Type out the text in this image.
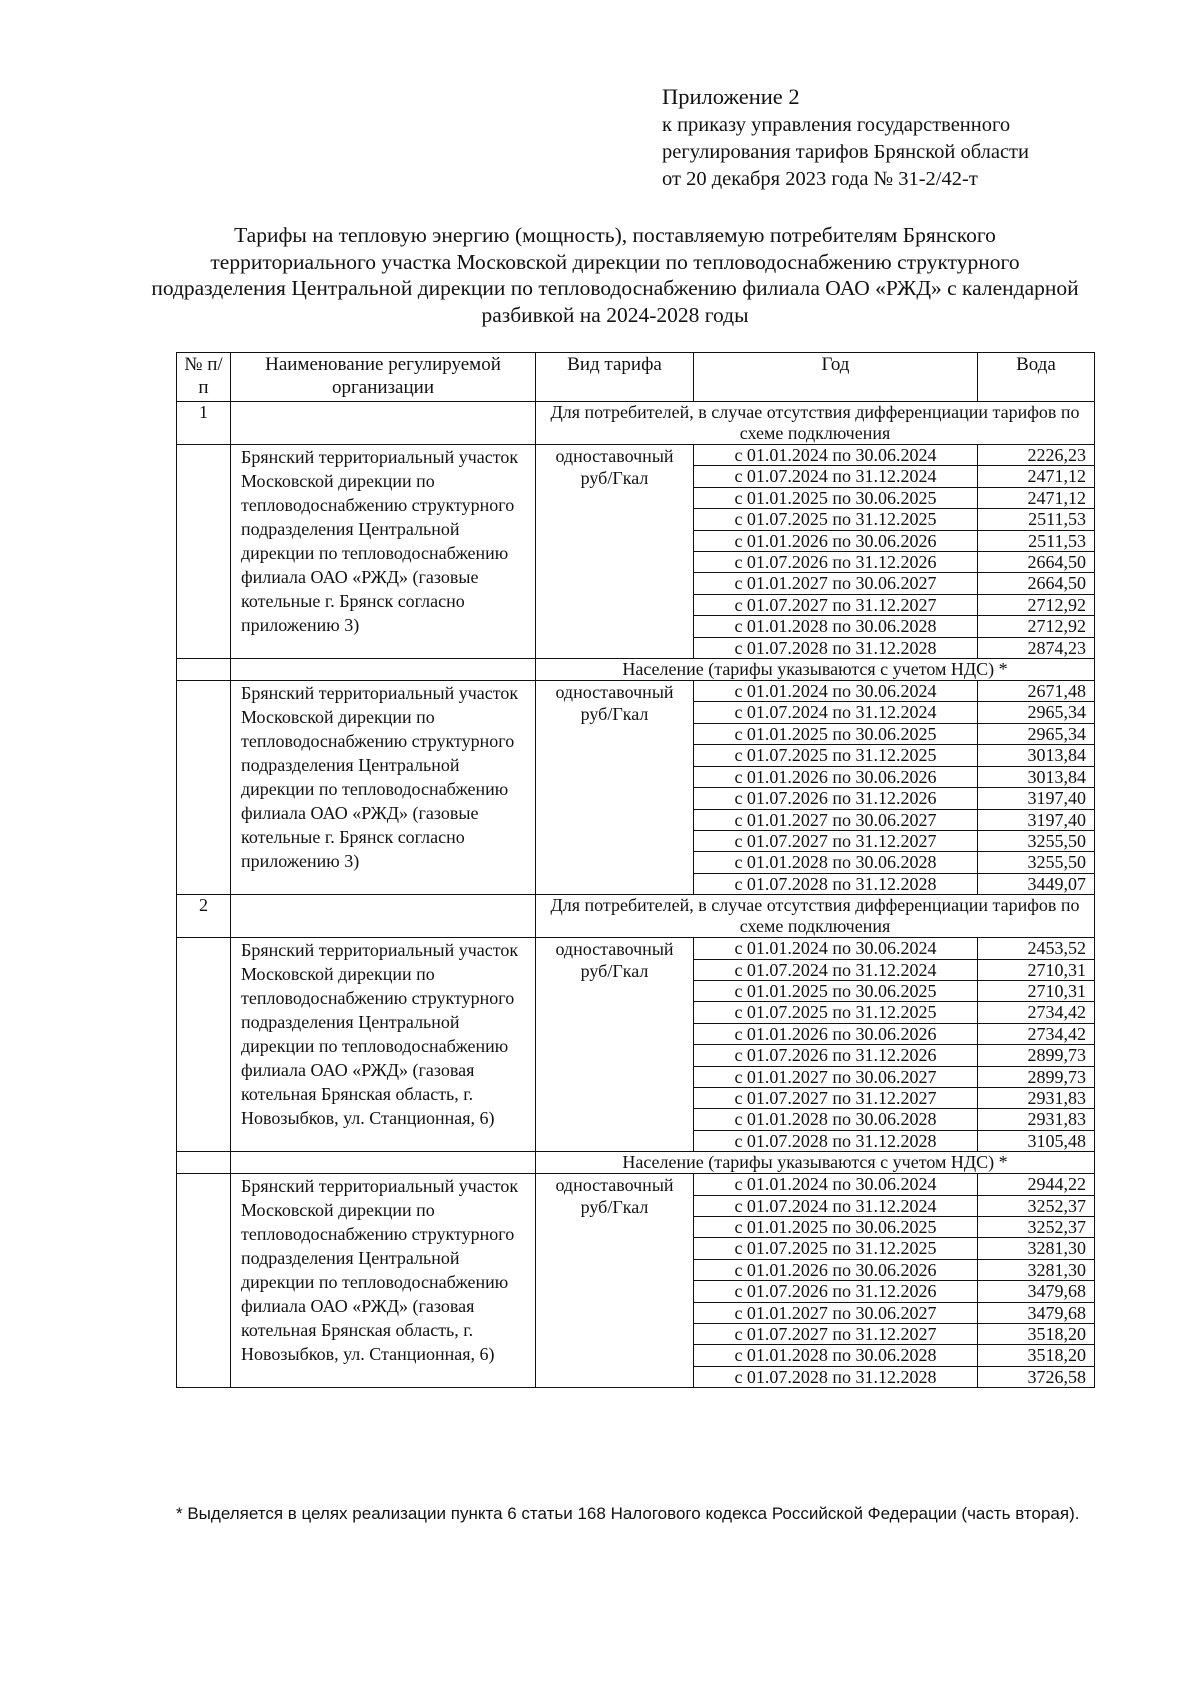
Приложение 2
к приказу управления государственного
регулирования тарифов Брянской области
от 20 декабря 2023 года № 31-2/42-т
Тарифы на тепловую энергию (мощность), поставляемую потребителям Брянского территориального участка Московской дирекции по тепловодоснабжению структурного подразделения Центральной дирекции по тепловодоснабжению филиала ОАО «РЖД» с календарной разбивкой на 2024-2028 годы
№ п/п	Наименование регулируемой организации	Вид тарифа	Год	Вода
1		Для потребителей, в случае отсутствия дифференциации тарифов по схеме подключения		
	Брянский территориальный участок Московской дирекции по тепловодоснабжению структурного подразделения Центральной дирекции по тепловодоснабжению филиала ОАО «РЖД» (газовые котельные г. Брянск согласно приложению 3)	одноставочный руб/Гкал	с 01.01.2024 по 30.06.2024	2226,23
			с 01.07.2024 по 31.12.2024	2471,12
			с 01.01.2025 по 30.06.2025	2471,12
			с 01.07.2025 по 31.12.2025	2511,53
			с 01.01.2026 по 30.06.2026	2511,53
			с 01.07.2026 по 31.12.2026	2664,50
			с 01.01.2027 по 30.06.2027	2664,50
			с 01.07.2027 по 31.12.2027	2712,92
			с 01.01.2028 по 30.06.2028	2712,92
			с 01.07.2028 по 31.12.2028	2874,23
		Население (тарифы указываются с учетом НДС) *		
	Брянский территориальный участок Московской дирекции по тепловодоснабжению структурного подразделения Центральной дирекции по тепловодоснабжению филиала ОАО «РЖД» (газовые котельные г. Брянск согласно приложению 3)	одноставочный руб/Гкал	с 01.01.2024 по 30.06.2024	2671,48
			с 01.07.2024 по 31.12.2024	2965,34
			с 01.01.2025 по 30.06.2025	2965,34
			с 01.07.2025 по 31.12.2025	3013,84
			с 01.01.2026 по 30.06.2026	3013,84
			с 01.07.2026 по 31.12.2026	3197,40
			с 01.01.2027 по 30.06.2027	3197,40
			с 01.07.2027 по 31.12.2027	3255,50
			с 01.01.2028 по 30.06.2028	3255,50
			с 01.07.2028 по 31.12.2028	3449,07
2		Для потребителей, в случае отсутствия дифференциации тарифов по схеме подключения		
	Брянский территориальный участок Московской дирекции по тепловодоснабжению структурного подразделения Центральной дирекции по тепловодоснабжению филиала ОАО «РЖД» (газовая котельная Брянская область, г. Новозыбков, ул. Станционная, 6)	одноставочный руб/Гкал	с 01.01.2024 по 30.06.2024	2453,52
			с 01.07.2024 по 31.12.2024	2710,31
			с 01.01.2025 по 30.06.2025	2710,31
			с 01.07.2025 по 31.12.2025	2734,42
			с 01.01.2026 по 30.06.2026	2734,42
			с 01.07.2026 по 31.12.2026	2899,73
			с 01.01.2027 по 30.06.2027	2899,73
			с 01.07.2027 по 31.12.2027	2931,83
			с 01.01.2028 по 30.06.2028	2931,83
			с 01.07.2028 по 31.12.2028	3105,48
		Население (тарифы указываются с учетом НДС) *		
	Брянский территориальный участок Московской дирекции по тепловодоснабжению структурного подразделения Центральной дирекции по тепловодоснабжению филиала ОАО «РЖД» (газовая котельная Брянская область, г. Новозыбков, ул. Станционная, 6)	одноставочный руб/Гкал	с 01.01.2024 по 30.06.2024	2944,22
			с 01.07.2024 по 31.12.2024	3252,37
			с 01.01.2025 по 30.06.2025	3252,37
			с 01.07.2025 по 31.12.2025	3281,30
			с 01.01.2026 по 30.06.2026	3281,30
			с 01.07.2026 по 31.12.2026	3479,68
			с 01.01.2027 по 30.06.2027	3479,68
			с 01.07.2027 по 31.12.2027	3518,20
			с 01.01.2028 по 30.06.2028	3518,20
			с 01.07.2028 по 31.12.2028	3726,58
* Выделяется в целях реализации пункта 6 статьи 168 Налогового кодекса Российской Федерации (часть вторая).
